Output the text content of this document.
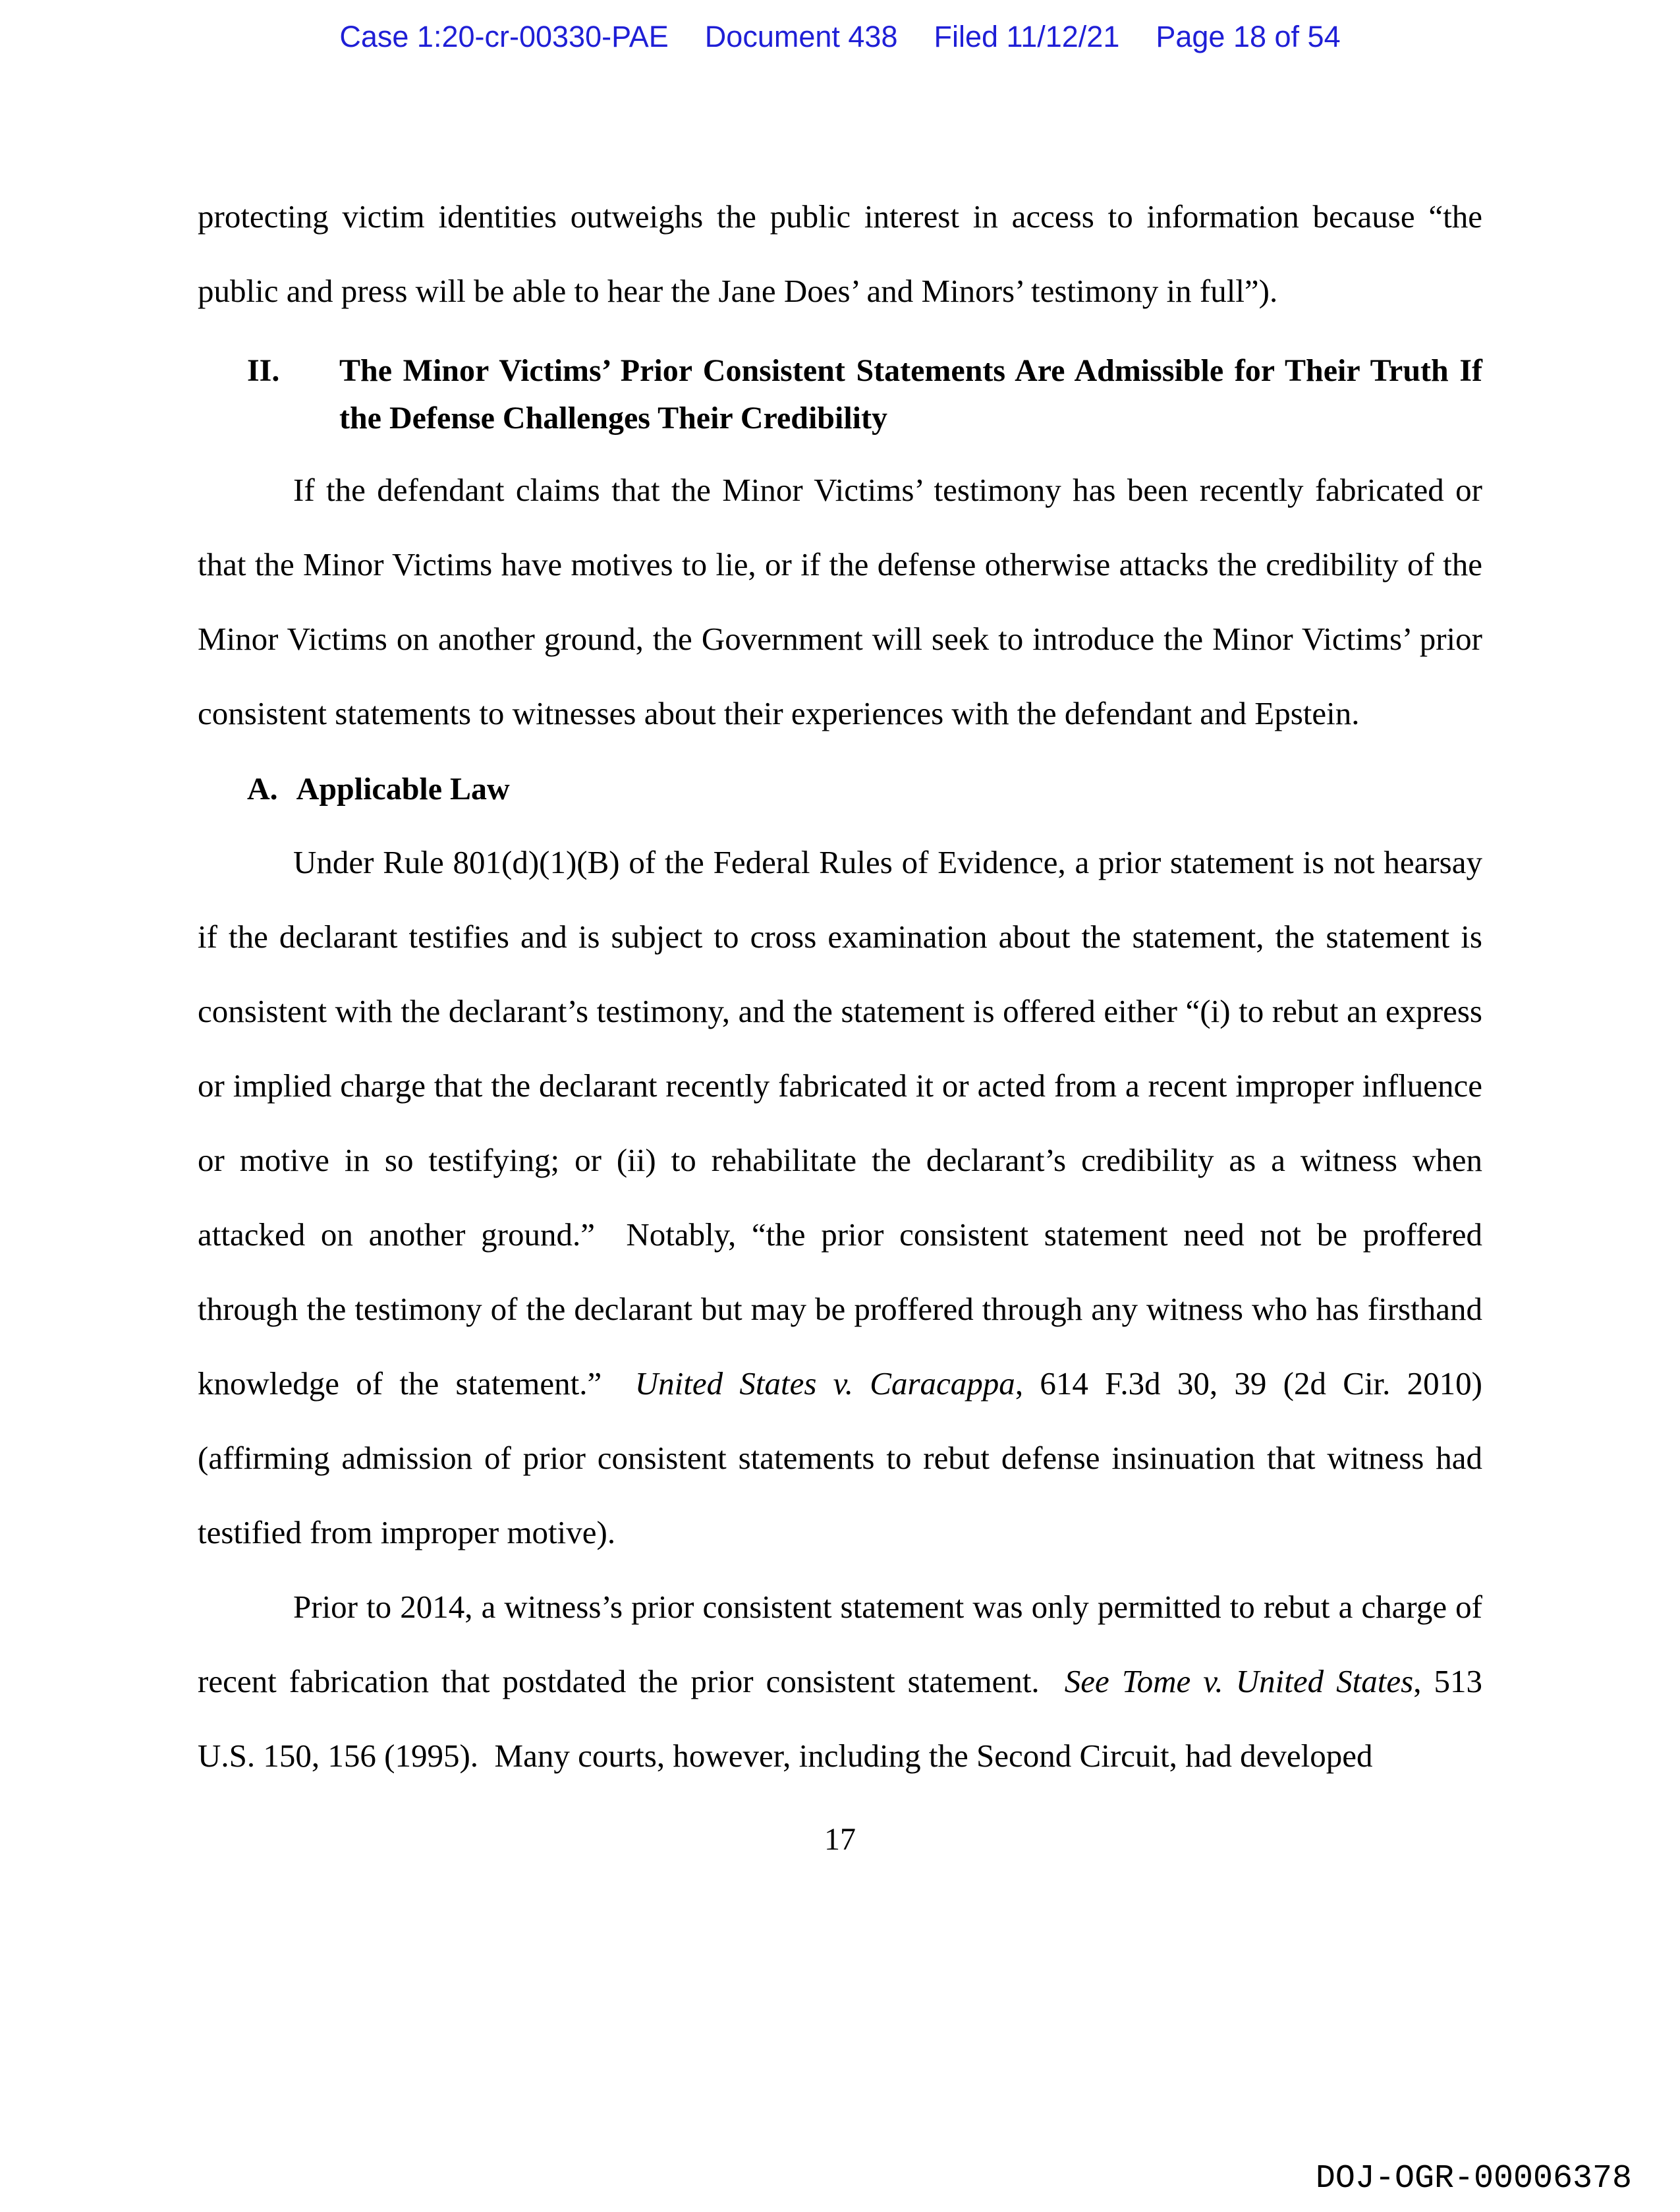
Case 1:20-cr-00330-PAE Document 438 Filed 11/12/21 Page 18 of 54

protecting victim identities outweighs the public interest in access to information because “the public and press will be able to hear the Jane Does’ and Minors’ testimony in full”).

II.	The Minor Victims’ Prior Consistent Statements Are Admissible for Their Truth If the Defense Challenges Their Credibility

If the defendant claims that the Minor Victims’ testimony has been recently fabricated or that the Minor Victims have motives to lie, or if the defense otherwise attacks the credibility of the Minor Victims on another ground, the Government will seek to introduce the Minor Victims’ prior consistent statements to witnesses about their experiences with the defendant and Epstein.

A. Applicable Law

Under Rule 801(d)(1)(B) of the Federal Rules of Evidence, a prior statement is not hearsay if the declarant testifies and is subject to cross examination about the statement, the statement is consistent with the declarant’s testimony, and the statement is offered either “(i) to rebut an express or implied charge that the declarant recently fabricated it or acted from a recent improper influence or motive in so testifying; or (ii) to rehabilitate the declarant’s credibility as a witness when attacked on another ground.”  Notably, “the prior consistent statement need not be proffered through the testimony of the declarant but may be proffered through any witness who has firsthand knowledge of the statement.”  United States v. Caracappa, 614 F.3d 30, 39 (2d Cir. 2010) (affirming admission of prior consistent statements to rebut defense insinuation that witness had testified from improper motive).

Prior to 2014, a witness’s prior consistent statement was only permitted to rebut a charge of recent fabrication that postdated the prior consistent statement.  See Tome v. United States, 513 U.S. 150, 156 (1995).  Many courts, however, including the Second Circuit, had developed

17
DOJ-OGR-00006378
